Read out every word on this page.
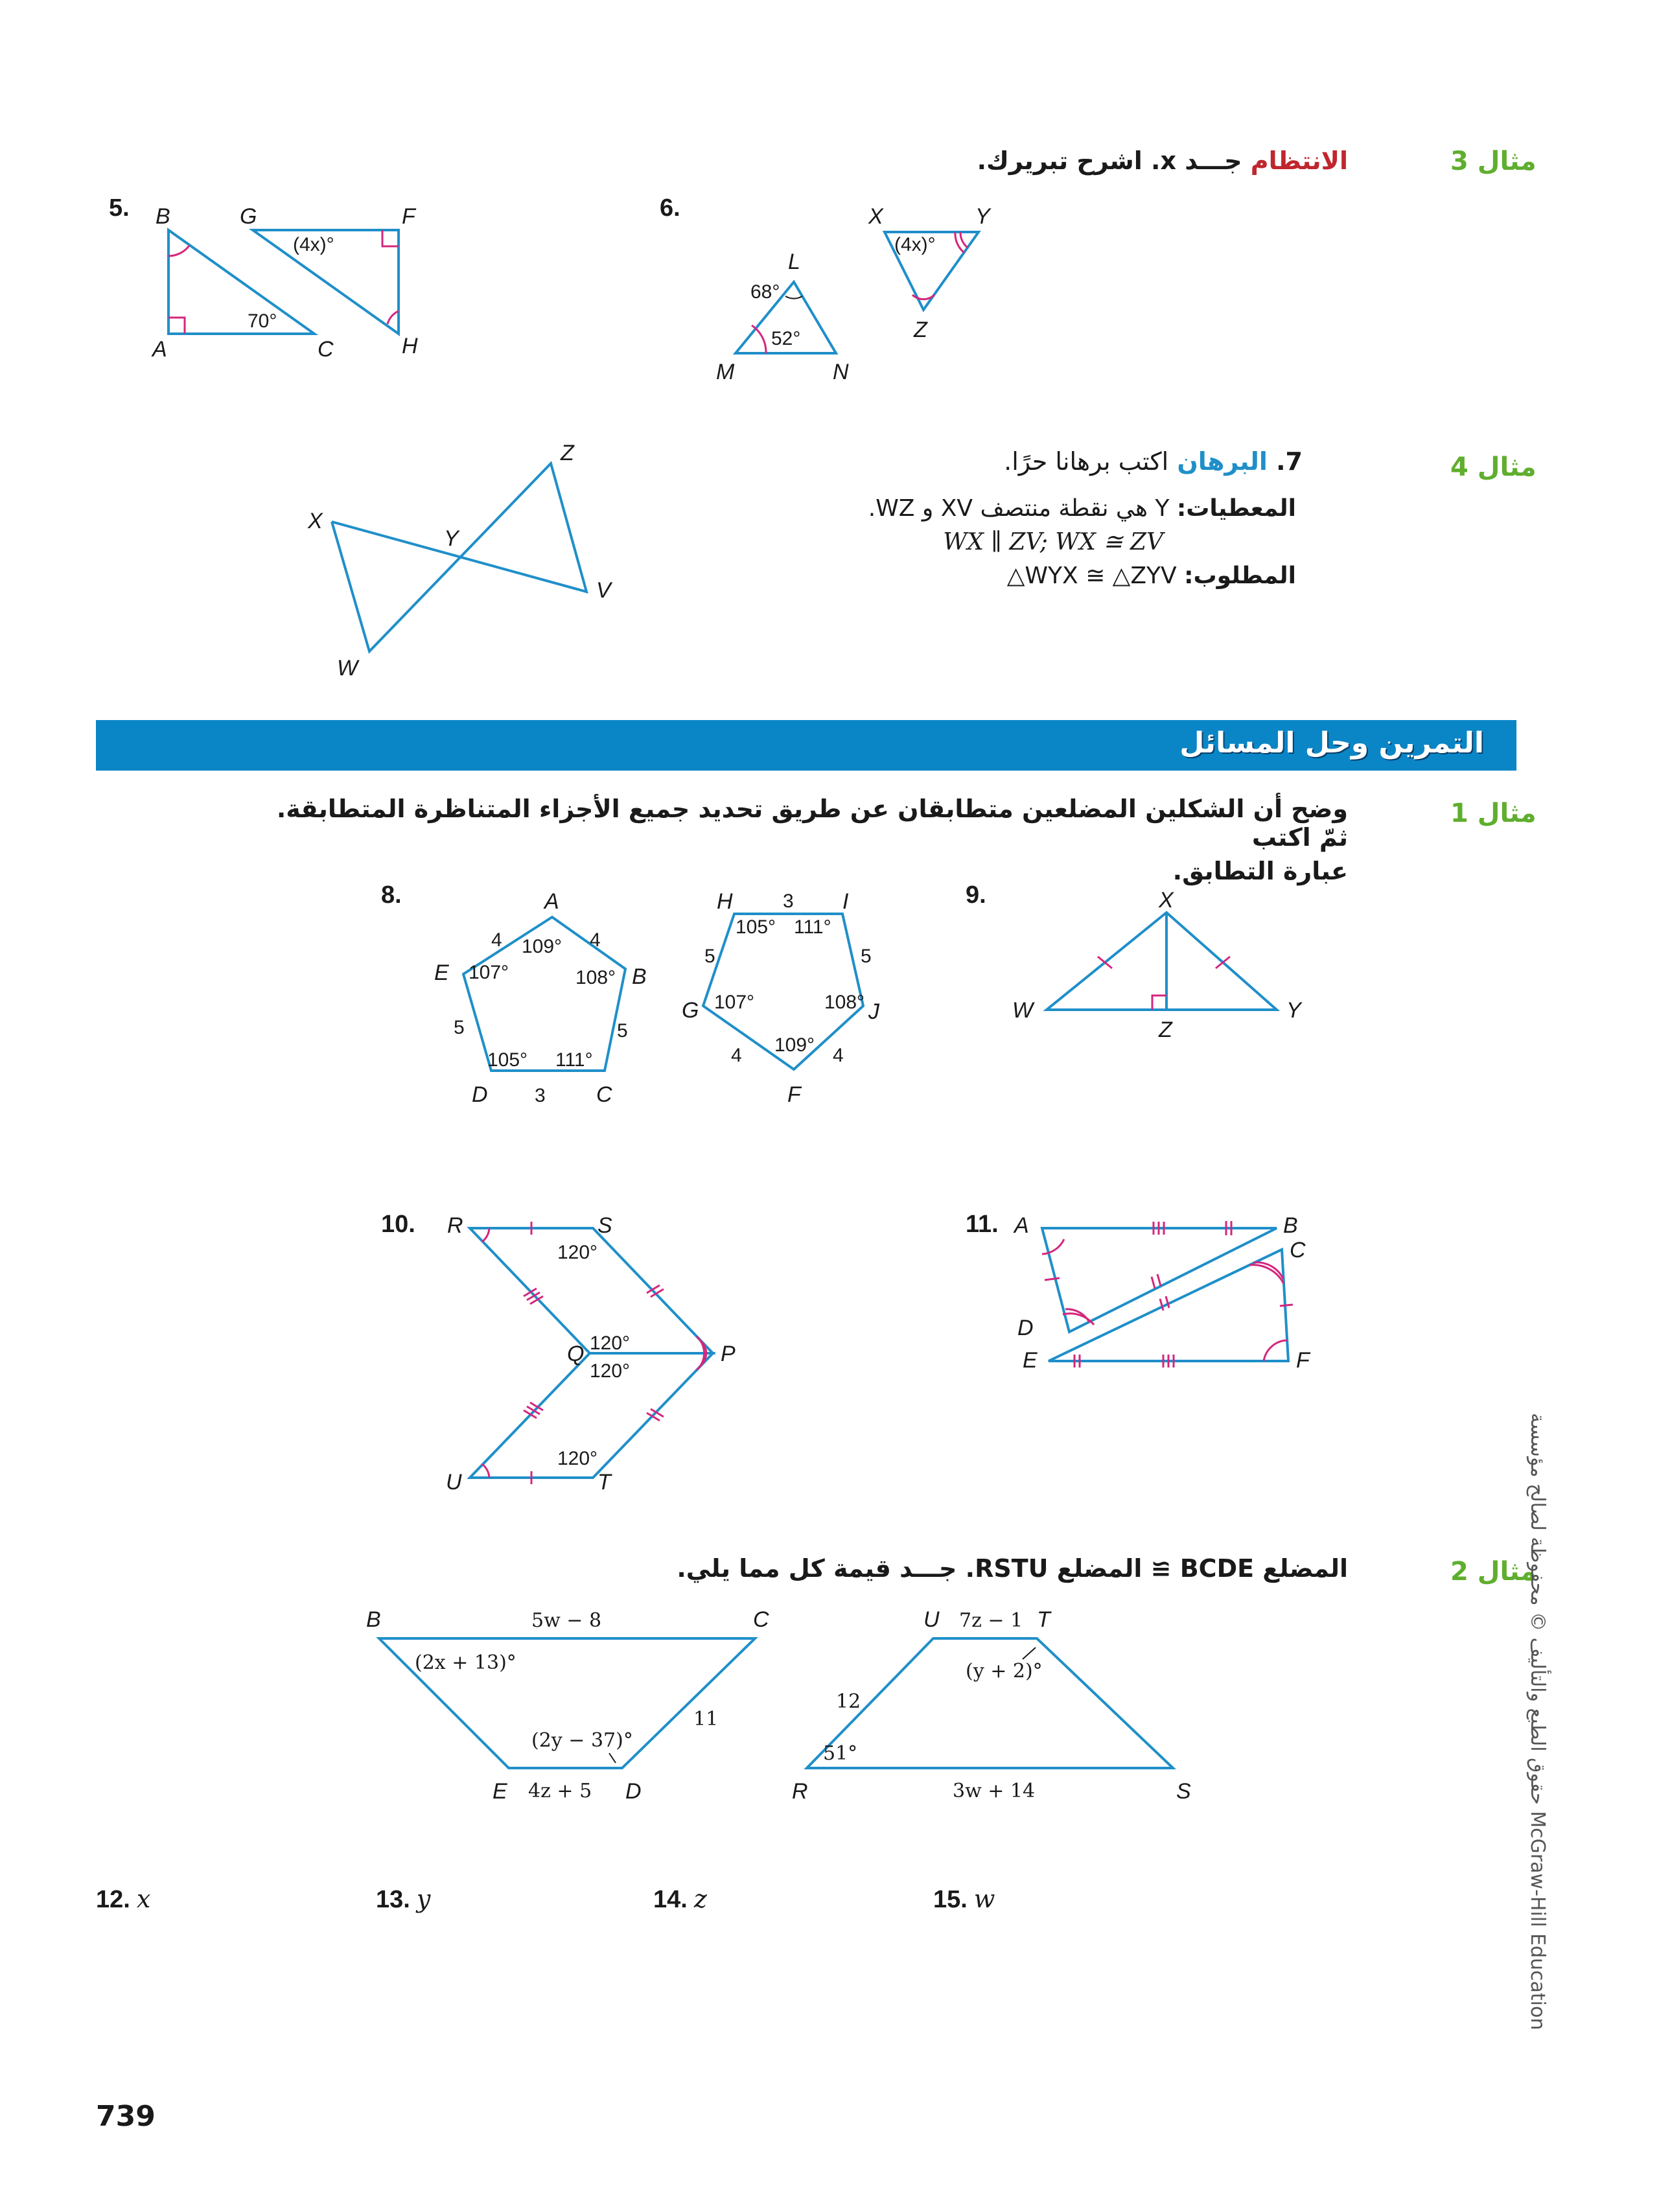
مثال 3
الانتظام جـــد x. اشرح تبريرك.
5. B	G	F
A	C	H
(4x)°
70°
6.	X	Y
Z
L
M	N
(4x)°
68°
52°
مثال 4
7. البرهان اكتب برهانا حرًا.
المعطيات: Y هي نقطة منتصف XV و WZ.
WX ∥ ZV; WX ≅ ZV
المطلوب: △WYX ≅ △ZYV
X
Y
Z
W
V
التمرين وحل المسائل
مثال 1
وضح أن الشكلين المضلعين متطابقان عن طريق تحديد جميع الأجزاء المتناظرة المتطابقة. ثمّ اكتب
عبارة التطابق.
8.	A
B
C
D
E
4	4
5	5
3
109°
107°	108°
105° 111°
H	I
J
F
G
3
5	5
4	4
105° 111°
107°	108°
109°
9.	X
W	Y
Z
10. R	S
Q	P
U	T
120°
120°
120°
120°
11. A	B
C
D
E	F
مثال 2
المضلع BCDE ≅ المضلع RSTU. جـــد قيمة كل مما يلي.
B	C
D
E
5w − 8
11
4z + 5
(2x + 13)°
(2y − 37)°
U	T
R	S
7z − 1
12
3w + 14
(y + 2)°
51°
12. x	13. y	14. z	15. w
حقوق الطبع والتأليف © محفوظة لصالح مؤسسة McGraw-Hill Education
739
